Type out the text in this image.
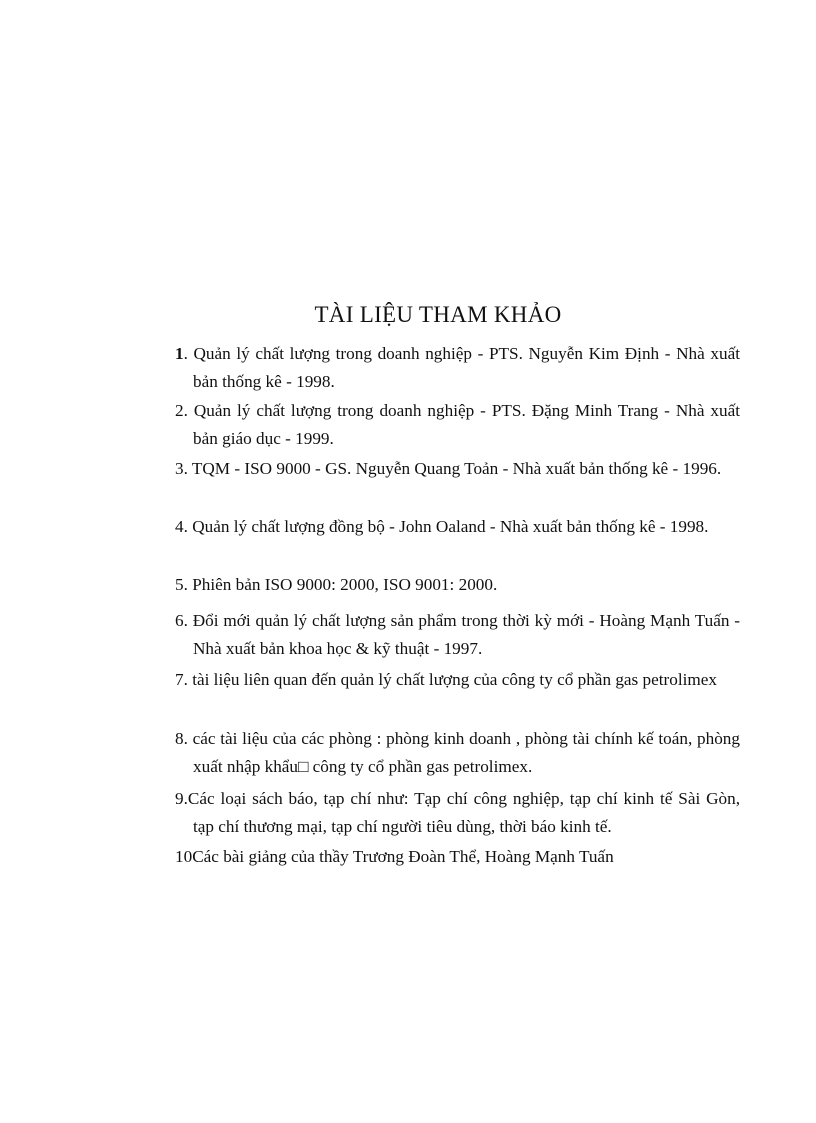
TÀI LIỆU THAM KHẢO
1. Quản lý chất lượng trong doanh nghiệp - PTS. Nguyễn Kim Định - Nhà xuất bản thống kê - 1998.
2. Quản lý chất lượng trong doanh nghiệp - PTS. Đặng Minh Trang - Nhà xuất bản giáo dục - 1999.
3. TQM - ISO 9000 - GS. Nguyễn Quang Toản - Nhà xuất bản thống kê - 1996.
4. Quản lý chất lượng đồng bộ - John Oaland - Nhà xuất bản thống kê - 1998.
5. Phiên bản ISO 9000: 2000, ISO 9001: 2000.
6. Đổi mới quản lý chất lượng sản phẩm trong thời kỳ mới - Hoàng Mạnh Tuấn - Nhà xuất bản khoa học & kỹ thuật - 1997.
7. tài liệu liên quan đến quản lý chất lượng của công ty cổ phần gas petrolimex
8. các tài liệu của các phòng : phòng kinh doanh , phòng tài chính kế toán, phòng xuất nhập khẩu□ công ty cổ phần gas petrolimex.
9.Các loại sách báo, tạp chí như: Tạp chí công nghiệp, tạp chí kinh tế Sài Gòn, tạp chí thương mại, tạp chí người tiêu dùng, thời báo kinh tế.
10Các bài giảng của thầy Trương Đoàn Thể, Hoàng Mạnh Tuấn
